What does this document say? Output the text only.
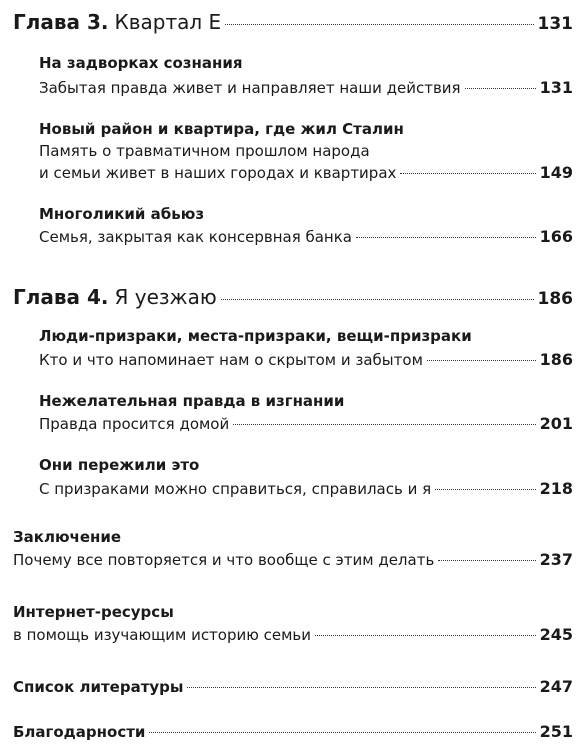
Глава 3. Квартал Е	131
На задворках сознания
Забытая правда живет и направляет наши действия	131
Новый район и квартира, где жил Сталин
Память о травматичном прошлом народа
и семьи живет в наших городах и квартирах	149
Многоликий абьюз
Семья, закрытая как консервная банка	166
Глава 4. Я уезжаю	186
Люди-призраки, места-призраки, вещи-призраки
Кто и что напоминает нам о скрытом и забытом	186
Нежелательная правда в изгнании
Правда просится домой	201
Они пережили это
С призраками можно справиться, справилась и я	218
Заключение
Почему все повторяется и что вообще с этим делать	237
Интернет-ресурсы
в помощь изучающим историю семьи	245
Список литературы	247
Благодарности	251
